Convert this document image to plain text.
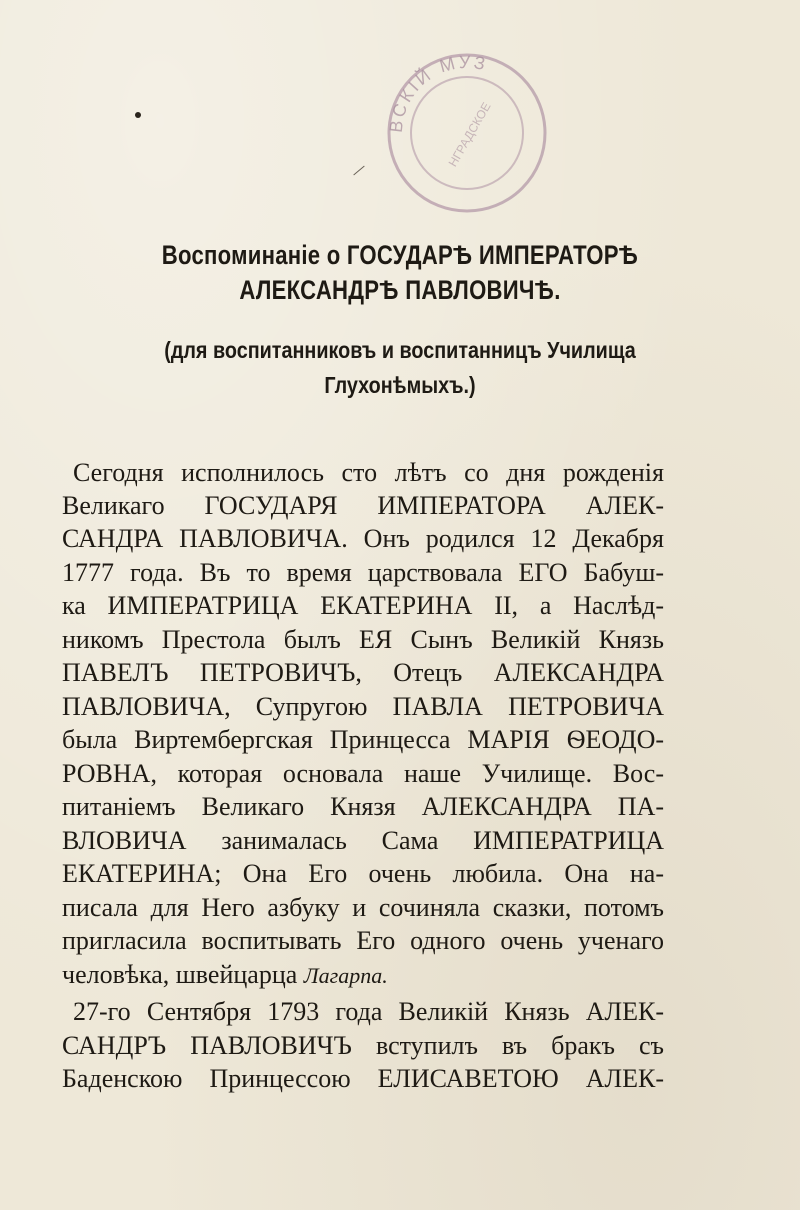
ВСКІЙ МУЗ
НГРАДСКОЕ
Воспоминаніе о ГОСУДАРѢ ИМПЕРАТОРѢ
АЛЕКСАНДРѢ ПАВЛОВИЧѢ.
(для воспитанниковъ и воспитанницъ Училища
Глухонѣмыхъ.)
Сегодня исполнилось сто лѣтъ со дня рожденія
Великаго ГОСУДАРЯ ИМПЕРАТОРА АЛЕК-
САНДРА ПАВЛОВИЧА. Онъ родился 12 Декабря
1777 года. Въ то время царствовала ЕГО Бабуш-
ка ИМПЕРАТРИЦА ЕКАТЕРИНА II, а Наслѣд-
никомъ Престола былъ ЕЯ Сынъ Великій Князь
ПАВЕЛЪ ПЕТРОВИЧЪ, Отецъ АЛЕКСАНДРА
ПАВЛОВИЧА, Супругою ПАВЛА ПЕТРОВИЧА
была Виртембергская Принцесса МАРІЯ ѲЕОДО-
РОВНА, которая основала наше Училище. Вос-
питаніемъ Великаго Князя АЛЕКСАНДРА ПА-
ВЛОВИЧА занималась Сама ИМПЕРАТРИЦА
ЕКАТЕРИНА; Она Его очень любила. Она на-
писала для Него азбуку и сочиняла сказки, потомъ
пригласила воспитывать Его одного очень ученаго
человѣка, швейцарца Лагарпа.
27-го Сентября 1793 года Великій Князь АЛЕК-
САНДРЪ ПАВЛОВИЧЪ вступилъ въ бракъ съ
Баденскою Принцессою ЕЛИСАВЕТОЮ АЛЕК-
